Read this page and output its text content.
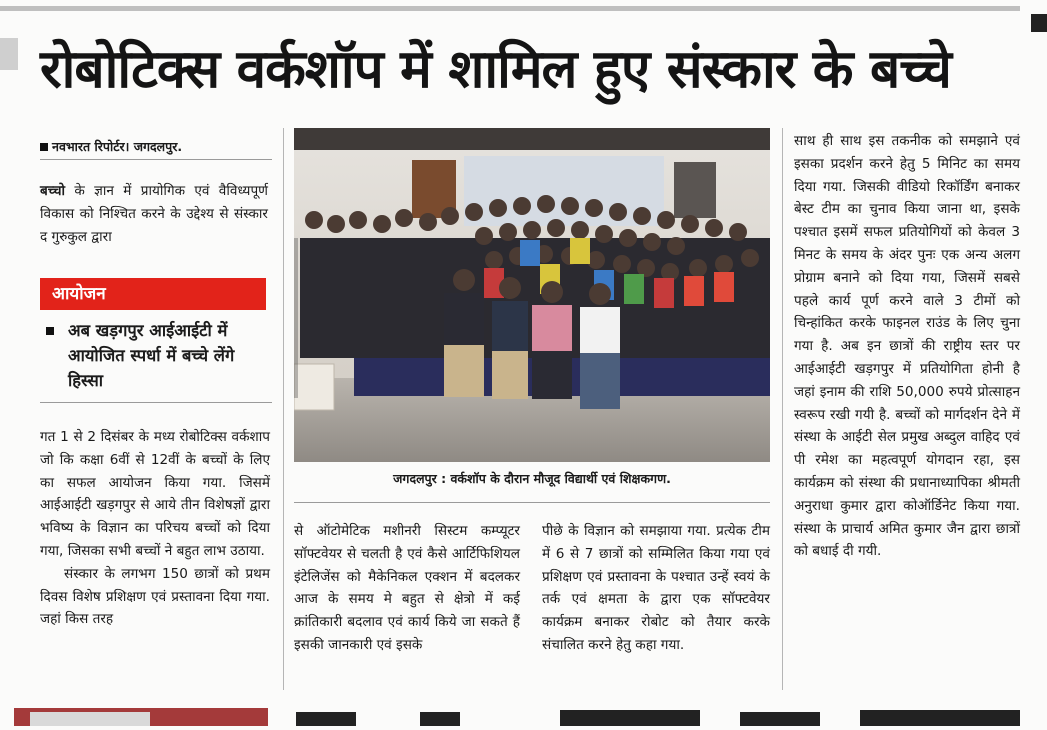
रोबोटिक्स वर्कशॉप में शामिल हुए संस्कार के बच्चे
नवभारत रिपोर्टर। जगदलपुर.
बच्चो के ज्ञान में प्रायोगिक एवं वैविध्यपूर्ण विकास को निश्चित करने के उद्देश्य से संस्कार द गुरुकुल द्वारा
आयोजन
अब खड़गपुर आईआईटी में आयोजित स्पर्धा में बच्चे लेंगे हिस्सा

गत 1 से 2 दिसंबर के मध्य रोबोटिक्स वर्कशाप जो कि कक्षा 6वीं से 12वीं के बच्चों के लिए का सफल आयोजन किया गया. जिसमें आईआईटी खड़गपुर से आये तीन विशेषज्ञों द्वारा भविष्य के विज्ञान का परिचय बच्चों को दिया गया, जिसका सभी बच्चों ने बहुत लाभ उठाया.

संस्कार के लगभग 150 छात्रों को प्रथम दिवस विशेष प्रशिक्षण एवं प्रस्तावना दिया गया. जहां किस तरह

जगदलपुर : वर्कशॉप के दौरान मौजूद विद्यार्थी एवं शिक्षकगण.

से ऑटोमेटिक मशीनरी सिस्टम कम्प्यूटर सॉफ्टवेयर से चलती है एवं कैसे आर्टिफिशियल इंटेलिजेंस को मैकेनिकल एक्शन में बदलकर आज के समय मे बहुत से क्षेत्रो में कई क्रांतिकारी बदलाव एवं कार्य किये जा सकते हैं इसकी जानकारी एवं इसके

पीछे के विज्ञान को समझाया गया. प्रत्येक टीम में 6 से 7 छात्रों को सम्मिलित किया गया एवं प्रशिक्षण एवं प्रस्तावना के पश्चात उन्हें स्वयं के तर्क एवं क्षमता के द्वारा एक सॉफ्टवेयर कार्यक्रम बनाकर रोबोट को तैयार करके संचालित करने हेतु कहा गया.

साथ ही साथ इस तकनीक को समझाने एवं इसका प्रदर्शन करने हेतु 5 मिनिट का समय दिया गया. जिसकी वीडियो रिकॉर्डिंग बनाकर बेस्ट टीम का चुनाव किया जाना था, इसके पश्चात इसमें सफल प्रतियोगियों को केवल 3 मिनट के समय के अंदर पुनः एक अन्य अलग प्रोग्राम बनाने को दिया गया, जिसमें सबसे पहले कार्य पूर्ण करने वाले 3 टीमों को चिन्हांकित करके फाइनल राउंड के लिए चुना गया है. अब इन छात्रों की राष्ट्रीय स्तर पर आईआईटी खड़गपुर में प्रतियोगिता होनी है जहां इनाम की राशि 50,000 रुपये प्रोत्साहन स्वरूप रखी गयी है. बच्चों को मार्गदर्शन देने में संस्था के आईटी सेल प्रमुख अब्दुल वाहिद एवं पी रमेश का महत्वपूर्ण योगदान रहा, इस कार्यक्रम को संस्था की प्रधानाध्यापिका श्रीमती अनुराधा कुमार द्वारा कोऑर्डिनेट किया गया. संस्था के प्राचार्य अमित कुमार जैन द्वारा छात्रों को बधाई दी गयी.
